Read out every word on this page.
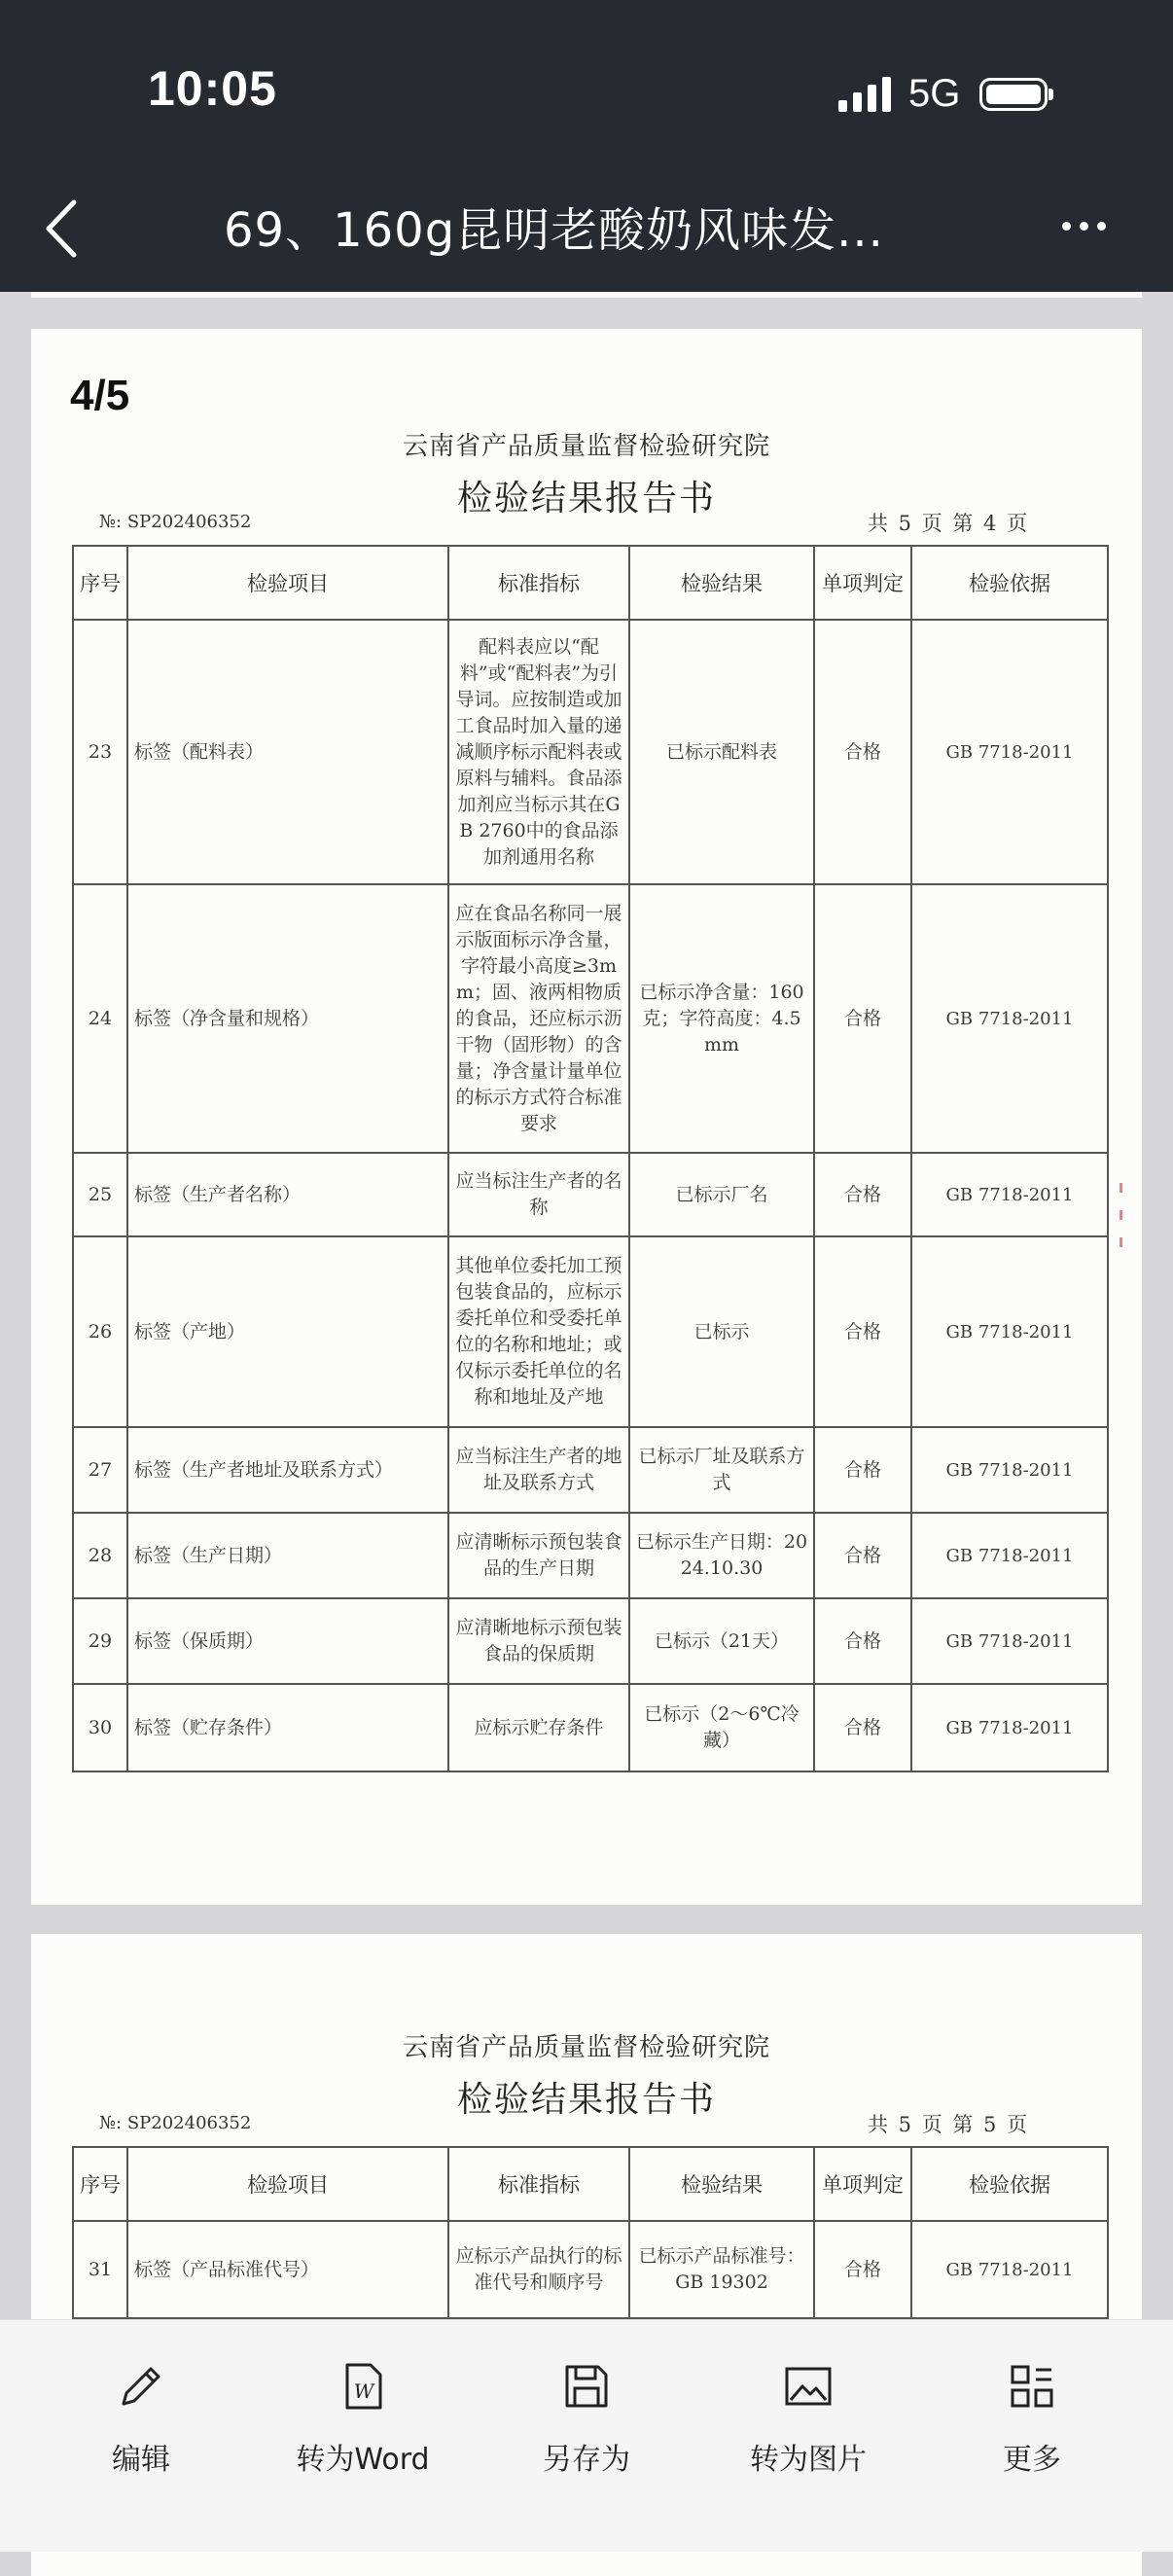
10:05	5G
69、160g昆明老酸奶风味发...
4/5
云南省产品质量监督检验研究院
检验结果报告书
№: SP202406352	共 5 页 第 4 页
序号	检验项目	标准指标	检验结果	单项判定	检验依据
23	标签（配料表）	配料表应以“配料”或“配料表”为引导词。应按制造或加工食品时加入量的递减顺序标示配料表或原料与辅料。食品添加剂应当标示其在GB 2760中的食品添加剂通用名称	已标示配料表	合格	GB 7718-2011
24	标签（净含量和规格）	应在食品名称同一展示版面标示净含量，字符最小高度≥3mm；固、液两相物质的食品，还应标示沥干物（固形物）的含量；净含量计量单位的标示方式符合标准要求	已标示净含量：160克；字符高度：4.5mm	合格	GB 7718-2011
25	标签（生产者名称）	应当标注生产者的名称	已标示厂名	合格	GB 7718-2011
26	标签（产地）	其他单位委托加工预包装食品的，应标示委托单位和受委托单位的名称和地址；或仅标示委托单位的名称和地址及产地	已标示	合格	GB 7718-2011
27	标签（生产者地址及联系方式）	应当标注生产者的地址及联系方式	已标示厂址及联系方式	合格	GB 7718-2011
28	标签（生产日期）	应清晰标示预包装食品的生产日期	已标示生产日期：2024.10.30	合格	GB 7718-2011
29	标签（保质期）	应清晰地标示预包装食品的保质期	已标示（21天）	合格	GB 7718-2011
30	标签（贮存条件）	应标示贮存条件	已标示（2～6℃冷藏）	合格	GB 7718-2011
云南省产品质量监督检验研究院
检验结果报告书
№: SP202406352	共 5 页 第 5 页
序号	检验项目	标准指标	检验结果	单项判定	检验依据
31	标签（产品标准代号）	应标示产品执行的标准代号和顺序号	已标示产品标准号：GB 19302	合格	GB 7718-2011
编辑
W
转为Word	另存为	转为图片	更多
